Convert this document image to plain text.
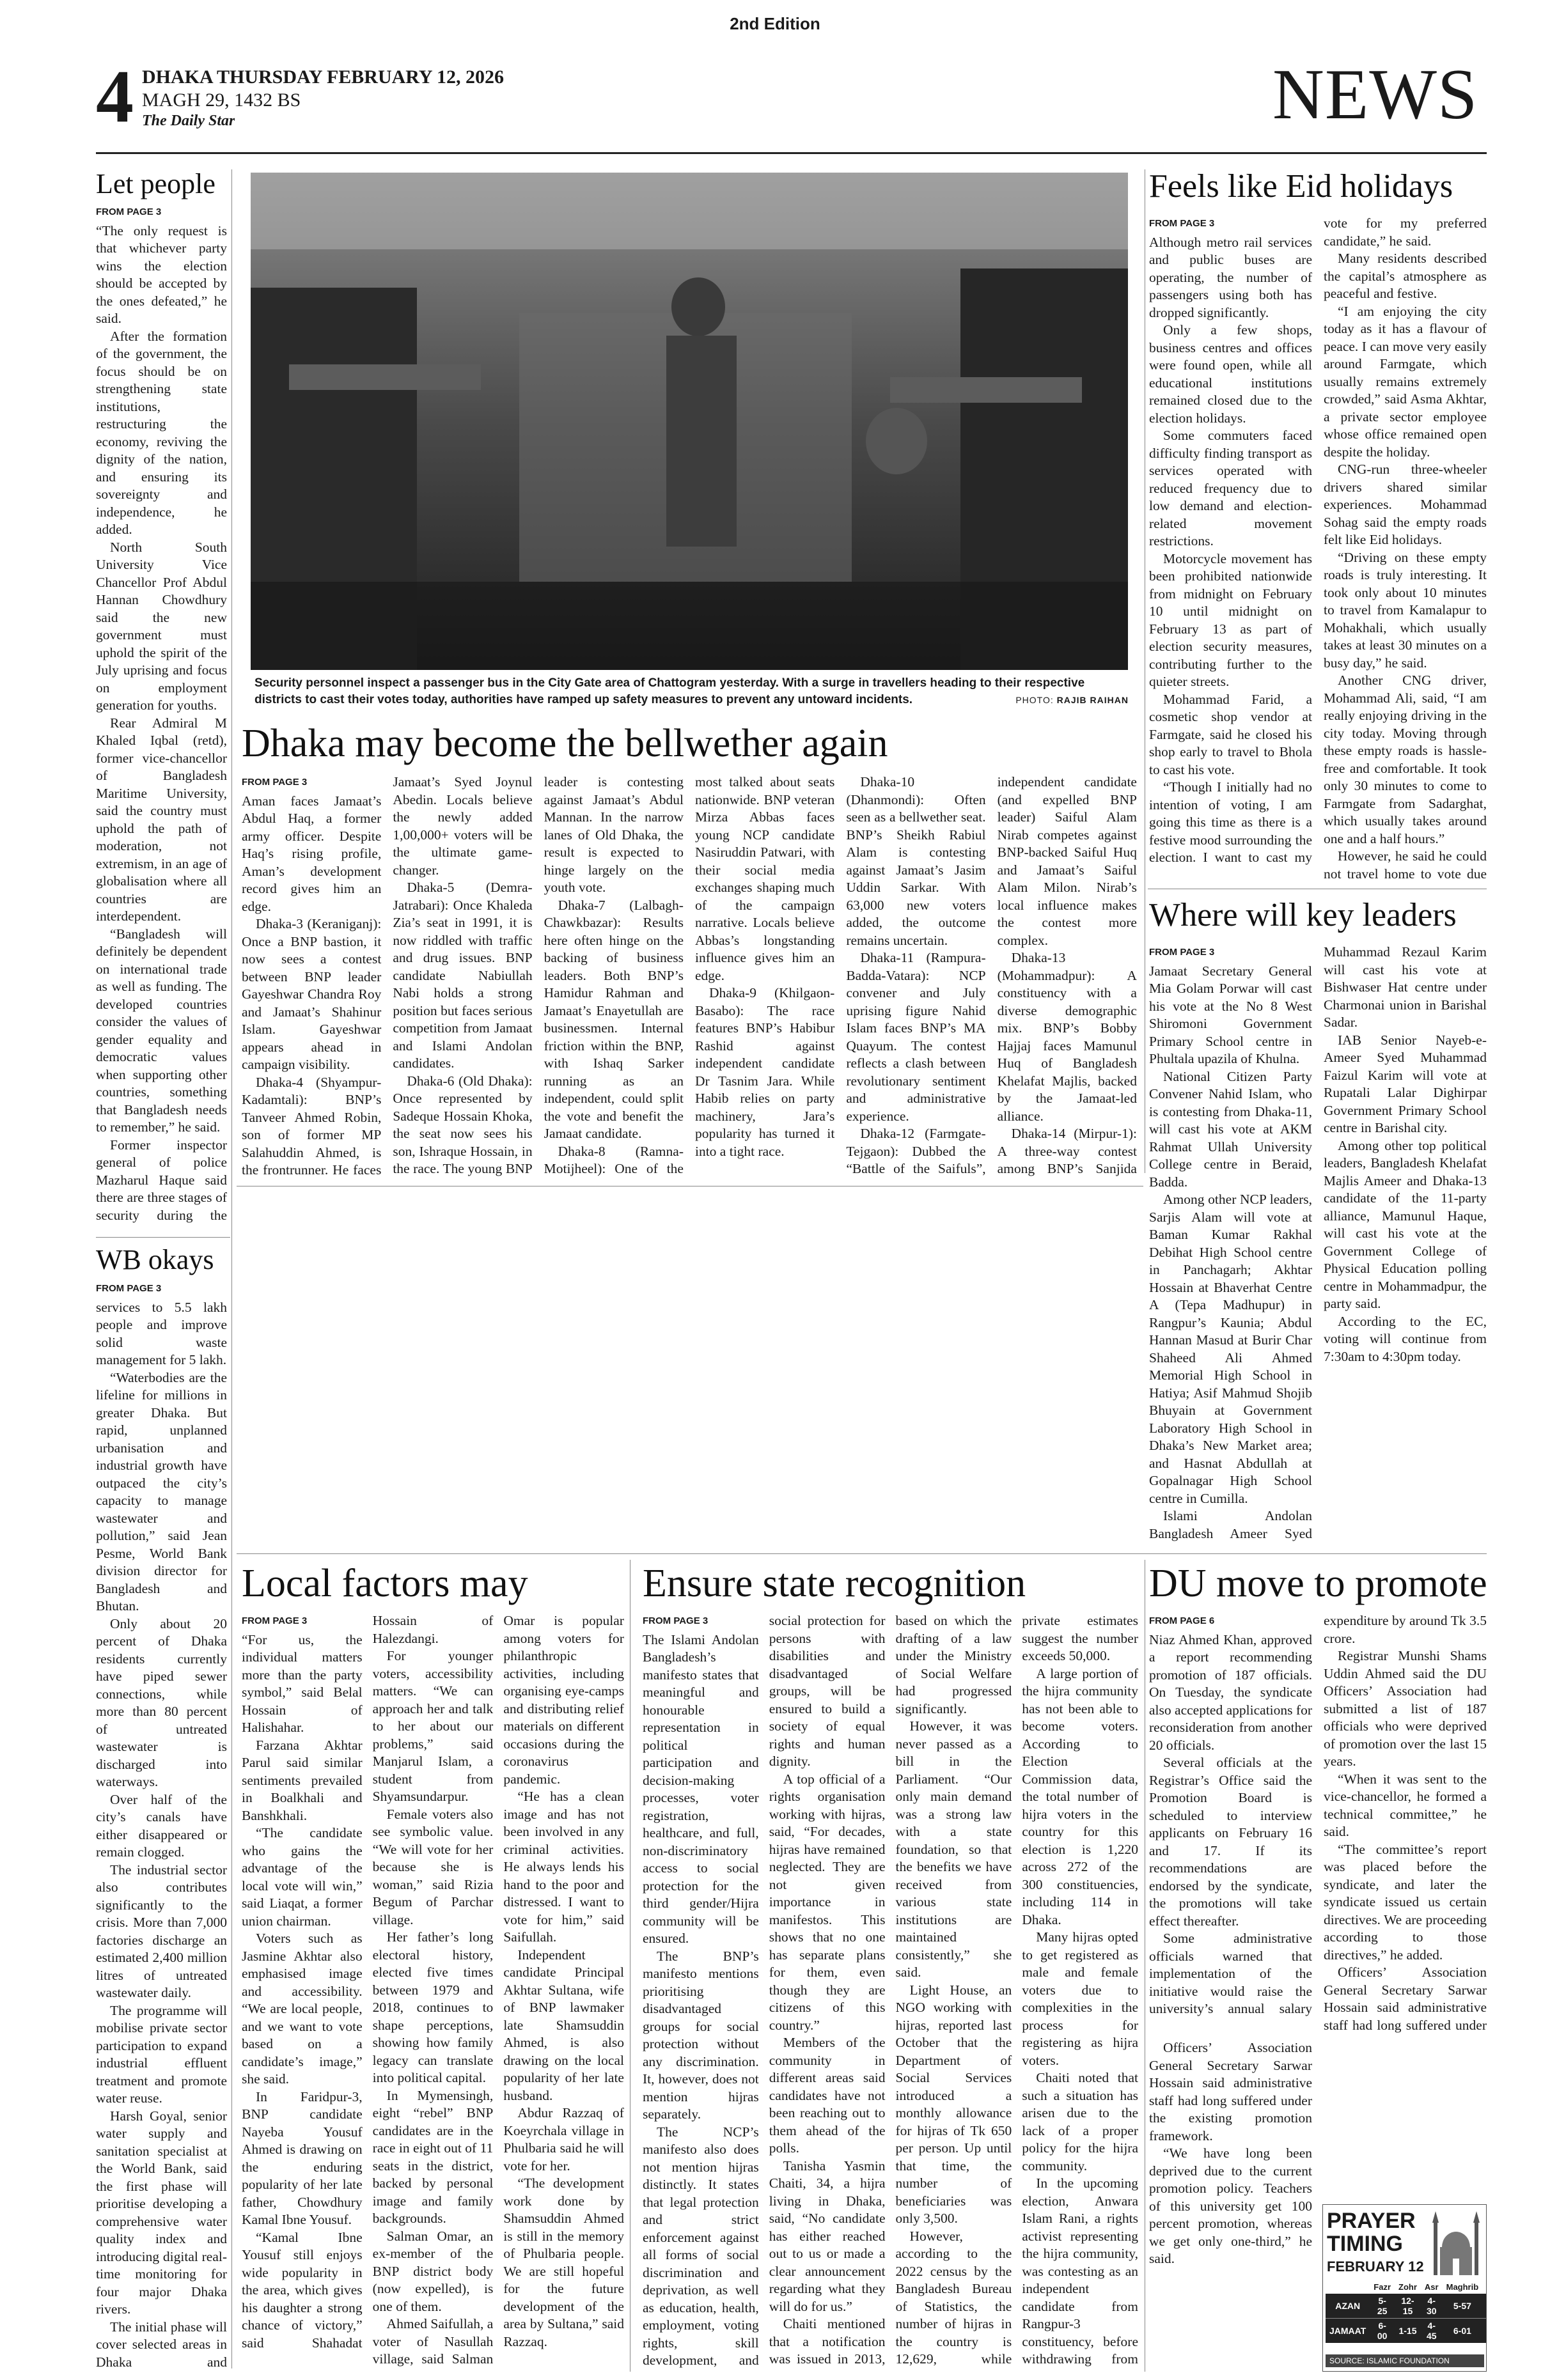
2nd Edition
4 DHAKA THURSDAY FEBRUARY 12, 2026
MAGH 29, 1432 BS
The Daily Star	NEWS
Let people
FROM PAGE 3

“The only request is that whichever party wins the election should be accepted by the ones defeated,” he said.

After the formation of the government, the focus should be on strengthening state institutions, restructuring the economy, reviving the dignity of the nation, and ensuring its sovereignty and independence, he added.

North South University Vice Chancellor Prof Abdul Hannan Chowdhury said the new government must uphold the spirit of the July uprising and focus on employment generation for youths.

Rear Admiral M Khaled Iqbal (retd), former vice-chancellor of Bangladesh Maritime University, said the country must uphold the path of moderation, not extremism, in an age of globalisation where all countries are interdependent.

“Bangladesh will definitely be dependent on international trade as well as funding. The developed countries consider the values of gender equality and democratic values when supporting other countries, something that Bangladesh needs to remember,” he said.

Former inspector general of police Mazharul Haque said there are three stages of security during the

WB okays
FROM PAGE 3

services to 5.5 lakh people and improve solid waste management for 5 lakh.

“Waterbodies are the lifeline for millions in greater Dhaka. But rapid, unplanned urbanisation and industrial growth have outpaced the city’s capacity to manage wastewater and pollution,” said Jean Pesme, World Bank division director for Bangladesh and Bhutan.

Only about 20 percent of Dhaka residents currently have piped sewer connections, while more than 80 percent of untreated wastewater is discharged into waterways.

Over half of the city’s canals have either disappeared or remain clogged.

The industrial sector also contributes significantly to the crisis. More than 7,000 factories discharge an estimated 2,400 million litres of untreated wastewater daily.

The programme will mobilise private sector participation to expand industrial effluent treatment and promote water reuse.

Harsh Goyal, senior water supply and sanitation specialist at the World Bank, said the first phase will prioritise developing a comprehensive water quality index and introducing digital real-time monitoring for four major Dhaka rivers.

The initial phase will cover selected areas in Dhaka and

Security personnel inspect a passenger bus in the City Gate area of Chattogram yesterday. With a surge in travellers heading to their respective districts to cast their votes today, authorities have ramped up safety measures to prevent any untoward incidents.	PHOTO: RAJIB RAIHAN
Dhaka may become the bellwether again
FROM PAGE 3

Aman faces Jamaat’s Abdul Haq, a former army officer. Despite Haq’s rising profile, Aman’s development record gives him an edge.

Dhaka-3 (Keraniganj): Once a BNP bastion, it now sees a contest between BNP leader Gayeshwar Chandra Roy and Jamaat’s Shahinur Islam. Gayeshwar appears ahead in campaign visibility.

Dhaka-4 (Shyampur-Kadamtali): BNP’s Tanveer Ahmed Robin, son of former MP Salahuddin Ahmed, is the frontrunner. He faces Jamaat’s Syed Joynul Abedin. Locals believe the newly added 1,00,000+ voters will be the ultimate game-changer.

Dhaka-5 (Demra-Jatrabari): Once Khaleda Zia’s seat in 1991, it is now riddled with traffic and drug issues. BNP candidate Nabiullah Nabi holds a strong position but faces serious competition from Jamaat and Islami Andolan candidates.

Dhaka-6 (Old Dhaka): Once represented by Sadeque Hossain Khoka, the seat now sees his son, Ishraque Hossain, in the race. The young BNP leader is contesting against Jamaat’s Abdul Mannan. In the narrow lanes of Old Dhaka, the result is expected to hinge largely on the youth vote.

Dhaka-7 (Lalbagh-Chawkbazar): Results here often hinge on the backing of business leaders. Both BNP’s Hamidur Rahman and Jamaat’s Enayetullah are businessmen. Internal friction within the BNP, with Ishaq Sarker running as an independent, could split the vote and benefit the Jamaat candidate.

Dhaka-8 (Ramna-Motijheel): One of the most talked about seats nationwide. BNP veteran Mirza Abbas faces young NCP candidate Nasiruddin Patwari, with their social media exchanges shaping much of the campaign narrative. Locals believe Abbas’s longstanding influence gives him an edge.

Dhaka-9 (Khilgaon-Basabo): The race features BNP’s Habibur Rashid against independent candidate Dr Tasnim Jara. While Habib relies on party machinery, Jara’s popularity has turned it into a tight race.

Dhaka-10 (Dhanmondi): Often seen as a bellwether seat. BNP’s Sheikh Rabiul Alam is contesting against Jamaat’s Jasim Uddin Sarkar. With 63,000 new voters added, the outcome remains uncertain.

Dhaka-11 (Rampura-Badda-Vatara): NCP convener and July uprising figure Nahid Islam faces BNP’s MA Quayum. The contest reflects a clash between revolutionary sentiment and administrative experience.

Dhaka-12 (Farmgate-Tejgaon): Dubbed the “Battle of the Saifuls”, independent candidate (and expelled BNP leader) Saiful Alam Nirab competes against BNP-backed Saiful Huq and Jamaat’s Saiful Alam Milon. Nirab’s local influence makes the contest more complex.

Dhaka-13 (Mohammadpur): A constituency with a diverse demographic mix. BNP’s Bobby Hajjaj faces Mamunul Huq of Bangladesh Khelafat Majlis, backed by the Jamaat-led alliance.

Dhaka-14 (Mirpur-1): A three-way contest among BNP’s Sanjida

Feels like Eid holidays
FROM PAGE 3

Although metro rail services and public buses are operating, the number of passengers using both has dropped significantly.

Only a few shops, business centres and offices were found open, while all educational institutions remained closed due to the election holidays.

Some commuters faced difficulty finding transport as services operated with reduced frequency due to low demand and election-related movement restrictions.

Motorcycle movement has been prohibited nationwide from midnight on February 10 until midnight on February 13 as part of election security measures, contributing further to the quieter streets.

Mohammad Farid, a cosmetic shop vendor at Farmgate, said he closed his shop early to travel to Bhola to cast his vote.

“Though I initially had no intention of voting, I am going this time as there is a festive mood surrounding the election. I want to cast my vote for my preferred candidate,” he said.

Many residents described the capital’s atmosphere as peaceful and festive.

“I am enjoying the city today as it has a flavour of peace. I can move very easily around Farmgate, which usually remains extremely crowded,” said Asma Akhtar, a private sector employee whose office remained open despite the holiday.

CNG-run three-wheeler drivers shared similar experiences. Mohammad Sohag said the empty roads felt like Eid holidays.

“Driving on these empty roads is truly interesting. It took only about 10 minutes to travel from Kamalapur to Mohakhali, which usually takes at least 30 minutes on a busy day,” he said.

Another CNG driver, Mohammad Ali, said, “I am really enjoying driving in the city today. Moving through these empty roads is hassle-free and comfortable. It took only 30 minutes to come to Farmgate from Sadarghat, which usually takes around one and a half hours.”

However, he said he could not travel home to vote due

Where will key leaders
FROM PAGE 3

Jamaat Secretary General Mia Golam Porwar will cast his vote at the No 8 West Shiromoni Government Primary School centre in Phultala upazila of Khulna.

National Citizen Party Convener Nahid Islam, who is contesting from Dhaka-11, will cast his vote at AKM Rahmat Ullah University College centre in Beraid, Badda.

Among other NCP leaders, Sarjis Alam will vote at Baman Kumar Rakhal Debihat High School centre in Panchagarh; Akhtar Hossain at Bhaverhat Centre A (Tepa Madhupur) in Rangpur’s Kaunia; Abdul Hannan Masud at Burir Char Shaheed Ali Ahmed Memorial High School in Hatiya; Asif Mahmud Shojib Bhuyain at Government Laboratory High School in Dhaka’s New Market area; and Hasnat Abdullah at Gopalnagar High School centre in Cumilla.

Islami Andolan Bangladesh Ameer Syed Muhammad Rezaul Karim will cast his vote at Bishwaser Hat centre under Charmonai union in Barishal Sadar.

IAB Senior Nayeb-e-Ameer Syed Muhammad Faizul Karim will vote at Rupatali Lalar Dighirpar Government Primary School centre in Barishal city.

Among other top political leaders, Bangladesh Khelafat Majlis Ameer and Dhaka-13 candidate of the 11-party alliance, Mamunul Haque, will cast his vote at the Government College of Physical Education polling centre in Mohammadpur, the party said.

According to the EC, voting will continue from 7:30am to 4:30pm today.

Local factors may
FROM PAGE 3

“For us, the individual matters more than the party symbol,” said Belal Hossain of Halishahar.

Farzana Akhtar Parul said similar sentiments prevailed in Boalkhali and Banshkhali.

“The candidate who gains the advantage of the local vote will win,” said Liaqat, a former union chairman.

Voters such as Jasmine Akhtar also emphasised image and accessibility. “We are local people, and we want to vote based on a candidate’s image,” she said.

In Faridpur-3, BNP candidate Nayeba Yousuf Ahmed is drawing on the enduring popularity of her late father, Chowdhury Kamal Ibne Yousuf.

“Kamal Ibne Yousuf still enjoys wide popularity in the area, which gives his daughter a strong chance of victory,” said Shahadat Hossain of Halezdangi.

For younger voters, accessibility matters. “We can approach her and talk to her about our problems,” said Manjarul Islam, a student from Shyamsundarpur.

Female voters also see symbolic value. “We will vote for her because she is woman,” said Rizia Begum of Parchar village.

Her father’s long electoral history, elected five times between 1979 and 2018, continues to shape perceptions, showing how family legacy can translate into political capital.

In Mymensingh, eight “rebel” BNP candidates are in the race in eight out of 11 seats in the district, backed by personal image and family backgrounds.

Salman Omar, an ex-member of the BNP district body (now expelled), is one of them.

Ahmed Saifullah, a voter of Nasullah village, said Salman Omar is popular among voters for philanthropic activities, including organising eye-camps and distributing relief materials on different occasions during the coronavirus pandemic.

“He has a clean image and has not been involved in any criminal activities. He always lends his hand to the poor and distressed. I want to vote for him,” said Saifullah.

Independent candidate Principal Akhtar Sultana, wife of BNP lawmaker late Shamsuddin Ahmed, is also drawing on the local popularity of her late husband.

Abdur Razzaq of Koeyrchala village in Phulbaria said he will vote for her.

“The development work done by Shamsuddin Ahmed is still in the memory of Phulbaria people. We are still hopeful for the future development of the area by Sultana,” said Razzaq.

Ensure state recognition
FROM PAGE 3

The Islami Andolan Bangladesh’s manifesto states that meaningful and honourable representation in political participation and decision-making processes, voter registration, healthcare, and full, non-discriminatory access to social protection for the third gender/Hijra community will be ensured.

The BNP’s manifesto mentions prioritising disadvantaged groups for social protection without any discrimination. It, however, does not mention hijras separately.

The NCP’s manifesto also does not mention hijras distinctly. It states that legal protection and strict enforcement against all forms of social discrimination and deprivation, as well as education, health, employment, voting rights, skill development, and social protection for persons with disabilities and disadvantaged groups, will be ensured to build a society of equal rights and human dignity.

A top official of a rights organisation working with hijras, said, “For decades, hijras have remained neglected. They are not given importance in manifestos. This shows that no one has separate plans for them, even though they are citizens of this country.”

Members of the community in different areas said candidates have not been reaching out to them ahead of the polls.

Tanisha Yasmin Chaiti, 34, a hijra living in Dhaka, said, “No candidate has either reached out to us or made a clear announcement regarding what they will do for us.”

Chaiti mentioned that a notification was issued in 2013, based on which the drafting of a law under the Ministry of Social Welfare had progressed significantly.

However, it was never passed as a bill in the Parliament. “Our only main demand was a strong law with a state foundation, so that the benefits we have received from various state institutions are maintained consistently,” she said.

Light House, an NGO working with hijras, reported last October that the Department of Social Services introduced a monthly allowance for hijras of Tk 650 per person. Up until that time, the number of beneficiaries was only 3,500.

However, according to the 2022 census by the Bangladesh Bureau of Statistics, the number of hijras in the country is 12,629, while private estimates suggest the number exceeds 50,000.

A large portion of the hijra community has not been able to become voters. According to Election Commission data, the total number of hijra voters in the country for this election is 1,220 across 272 of the 300 constituencies, including 114 in Dhaka.

Many hijras opted to get registered as male and female voters due to complexities in the process for registering as hijra voters.

Chaiti noted that such a situation has arisen due to the lack of a proper policy for the hijra community.

In the upcoming election, Anwara Islam Rani, a rights activist representing the hijra community, was contesting as an independent candidate from Rangpur-3 constituency, before withdrawing from

DU move to promote
FROM PAGE 6

Niaz Ahmed Khan, approved a report recommending promotion of 187 officials. On Tuesday, the syndicate also accepted applications for reconsideration from another 20 officials.

Several officials at the Registrar’s Office said the Promotion Board is scheduled to interview applicants on February 16 and 17. If its recommendations are endorsed by the syndicate, the promotions will take effect thereafter.

Some administrative officials warned that implementation of the initiative would raise the university’s annual salary expenditure by around Tk 3.5 crore.

Registrar Munshi Shams Uddin Ahmed said the DU Officers’ Association had submitted a list of 187 officials who were deprived of promotion over the last 15 years.

“When it was sent to the vice-chancellor, he formed a technical committee,” he said.

“The committee’s report was placed before the syndicate, and later the syndicate issued us certain directives. We are proceeding according to those directives,” he added.

Officers’ Association General Secretary Sarwar Hossain said administrative staff had long suffered under

Officers’ Association General Secretary Sarwar Hossain said administrative staff had long suffered under the existing promotion framework.

“We have long been deprived due to the current promotion policy. Teachers of this university get 100 percent promotion, whereas we get only one-third,” he said.

PRAYER
TIMING
FEBRUARY 12
	Fazr	Zohr	Asr	Maghrib	
AZAN	5-25	12-15	4-30	5-57	
JAMAAT	6-00	1-15	4-45	6-01	
SOURCE: ISLAMIC FOUNDATION
